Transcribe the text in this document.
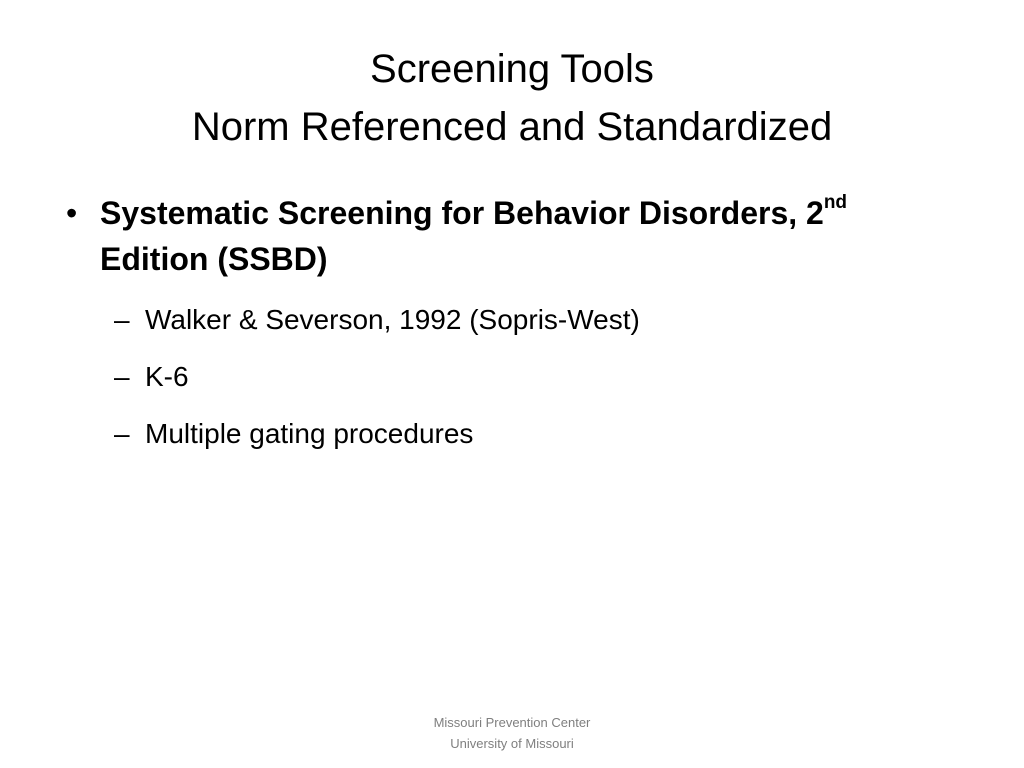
Screening Tools
Norm Referenced and Standardized
• Systematic Screening for Behavior Disorders, 2nd Edition (SSBD)
– Walker & Severson, 1992 (Sopris-West)
– K-6
– Multiple gating procedures
Missouri Prevention Center
University of Missouri
